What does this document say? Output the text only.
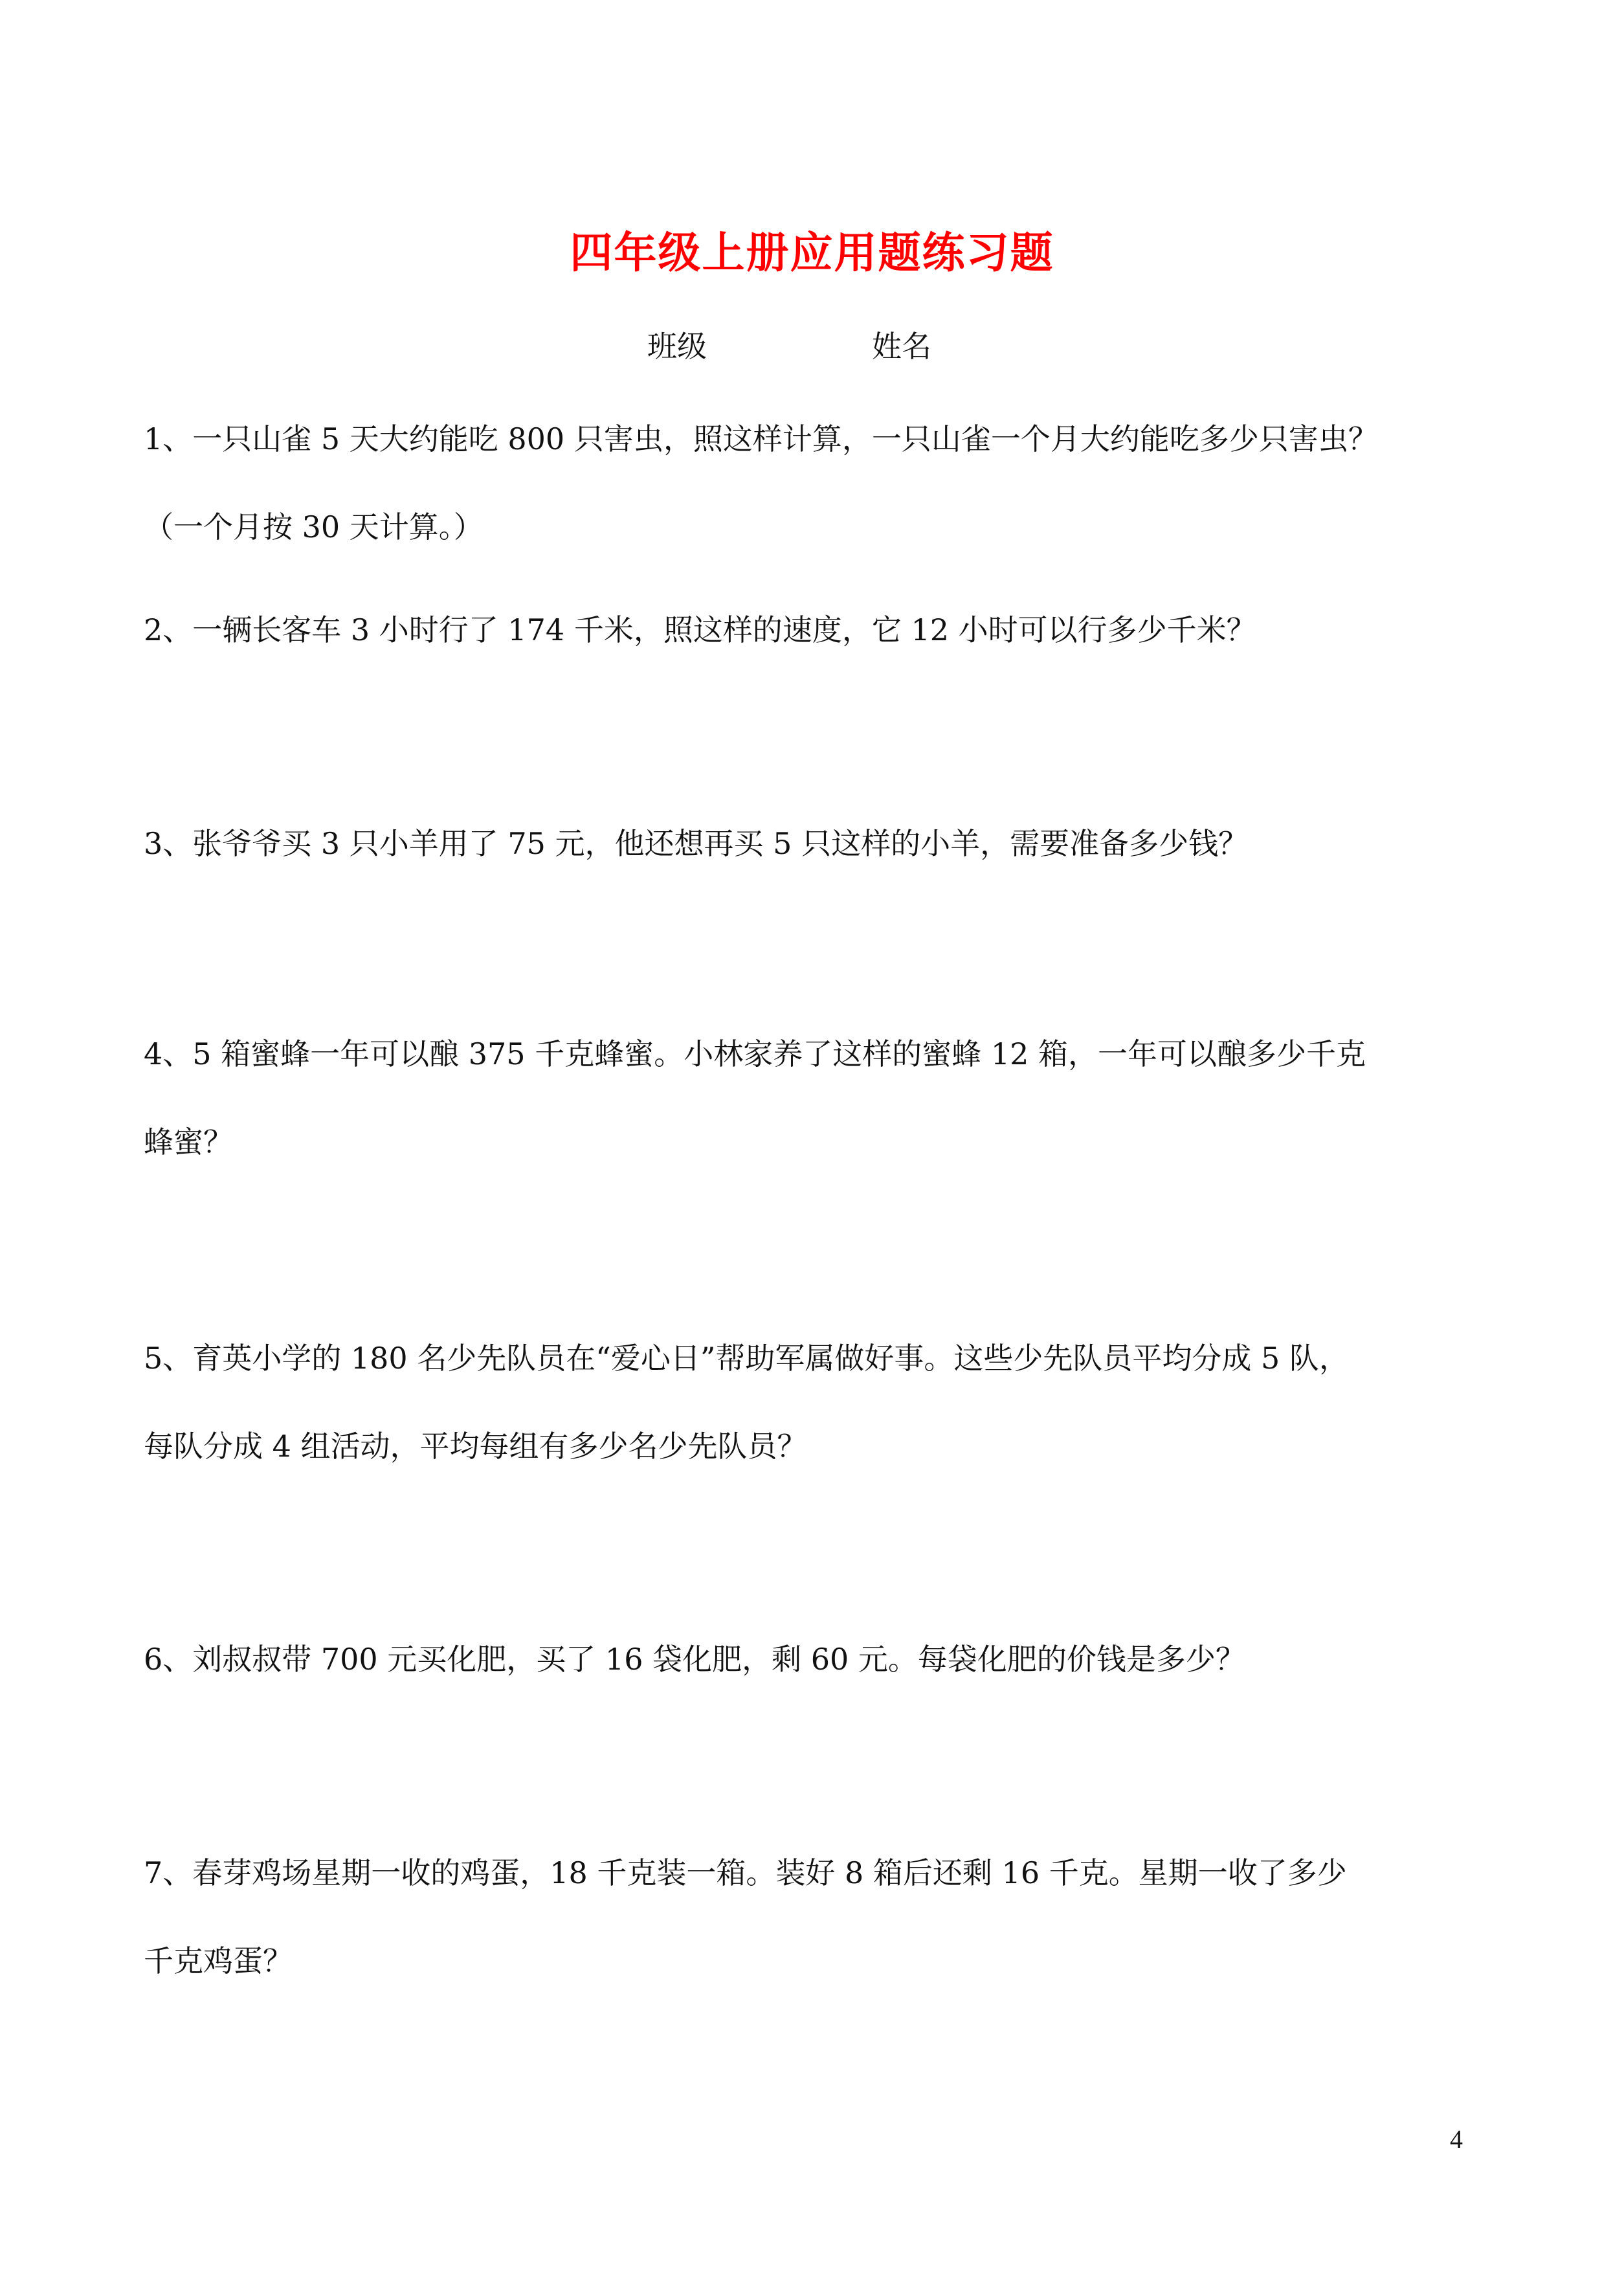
四年级上册应用题练习题
班级	姓名
1、一只山雀 5 天大约能吃 800 只害虫，照这样计算，一只山雀一个月大约能吃多少只害虫？
（一个月按 30 天计算。）
2、一辆长客车 3 小时行了 174 千米，照这样的速度，它 12 小时可以行多少千米？
3、张爷爷买 3 只小羊用了 75 元，他还想再买 5 只这样的小羊，需要准备多少钱？
4、5 箱蜜蜂一年可以酿 375 千克蜂蜜。小林家养了这样的蜜蜂 12 箱，一年可以酿多少千克
蜂蜜？
5、育英小学的 180 名少先队员在“爱心日”帮助军属做好事。这些少先队员平均分成 5 队，
每队分成 4 组活动，平均每组有多少名少先队员？
6、刘叔叔带 700 元买化肥，买了 16 袋化肥，剩 60 元。每袋化肥的价钱是多少？
7、春芽鸡场星期一收的鸡蛋，18 千克装一箱。装好 8 箱后还剩 16 千克。星期一收了多少
千克鸡蛋？
4
